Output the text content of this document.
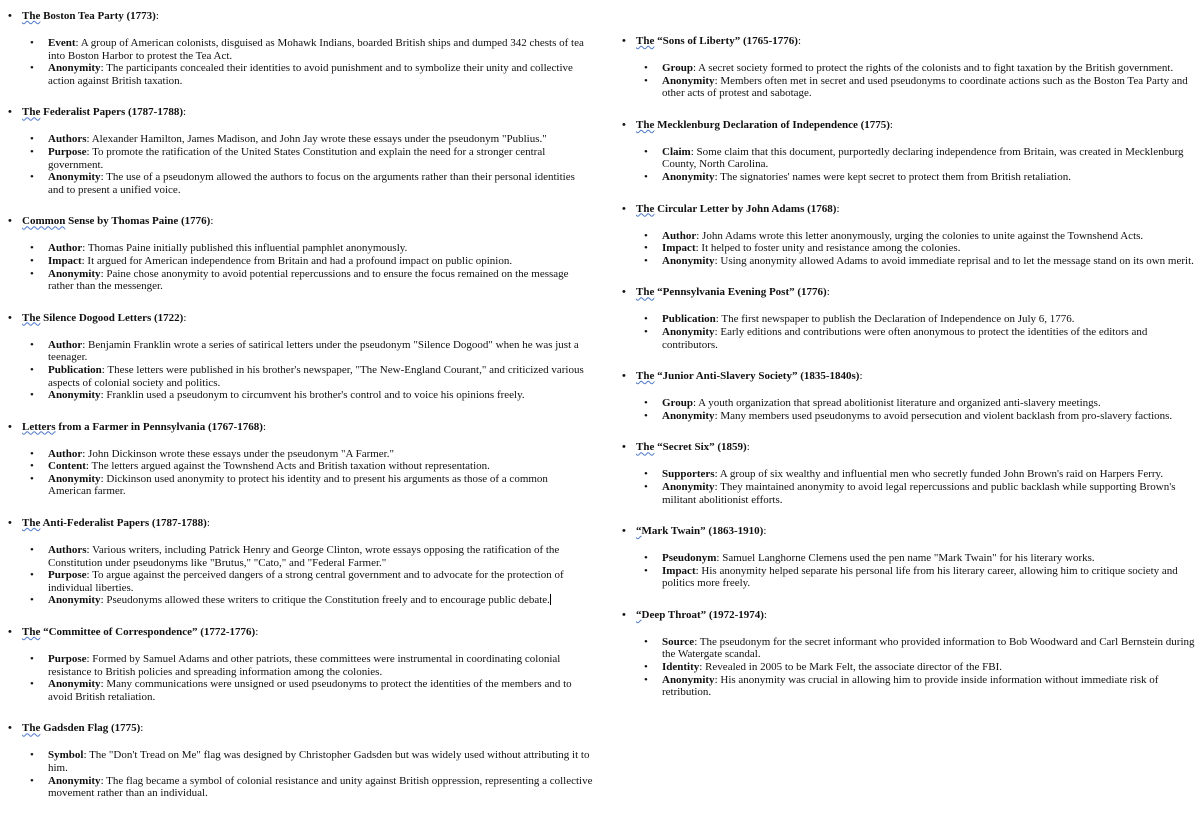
• The Boston Tea Party (1773):
• Event: A group of American colonists, disguised as Mohawk Indians, boarded British ships and dumped 342 chests of tea into Boston Harbor to protest the Tea Act.
• Anonymity: The participants concealed their identities to avoid punishment and to symbolize their unity and collective action against British taxation.
• The Federalist Papers (1787-1788):
• Authors: Alexander Hamilton, James Madison, and John Jay wrote these essays under the pseudonym "Publius."
• Purpose: To promote the ratification of the United States Constitution and explain the need for a stronger central government.
• Anonymity: The use of a pseudonym allowed the authors to focus on the arguments rather than their personal identities and to present a unified voice.
• Common Sense by Thomas Paine (1776):
• Author: Thomas Paine initially published this influential pamphlet anonymously.
• Impact: It argued for American independence from Britain and had a profound impact on public opinion.
• Anonymity: Paine chose anonymity to avoid potential repercussions and to ensure the focus remained on the message rather than the messenger.
• The Silence Dogood Letters (1722):
• Author: Benjamin Franklin wrote a series of satirical letters under the pseudonym "Silence Dogood" when he was just a teenager.
• Publication: These letters were published in his brother's newspaper, "The New-England Courant," and criticized various aspects of colonial society and politics.
• Anonymity: Franklin used a pseudonym to circumvent his brother's control and to voice his opinions freely.
• Letters from a Farmer in Pennsylvania (1767-1768):
• Author: John Dickinson wrote these essays under the pseudonym "A Farmer."
• Content: The letters argued against the Townshend Acts and British taxation without representation.
• Anonymity: Dickinson used anonymity to protect his identity and to present his arguments as those of a common American farmer.
• The Anti-Federalist Papers (1787-1788):
• Authors: Various writers, including Patrick Henry and George Clinton, wrote essays opposing the ratification of the Constitution under pseudonyms like "Brutus," "Cato," and "Federal Farmer."
• Purpose: To argue against the perceived dangers of a strong central government and to advocate for the protection of individual liberties.
• Anonymity: Pseudonyms allowed these writers to critique the Constitution freely and to encourage public debate.
• The “Committee of Correspondence” (1772-1776):
• Purpose: Formed by Samuel Adams and other patriots, these committees were instrumental in coordinating colonial resistance to British policies and spreading information among the colonies.
• Anonymity: Many communications were unsigned or used pseudonyms to protect the identities of the members and to avoid British retaliation.
• The Gadsden Flag (1775):
• Symbol: The "Don't Tread on Me" flag was designed by Christopher Gadsden but was widely used without attributing it to him.
• Anonymity: The flag became a symbol of colonial resistance and unity against British oppression, representing a collective movement rather than an individual.
• The “Sons of Liberty” (1765-1776):
• Group: A secret society formed to protect the rights of the colonists and to fight taxation by the British government.
• Anonymity: Members often met in secret and used pseudonyms to coordinate actions such as the Boston Tea Party and other acts of protest and sabotage.
• The Mecklenburg Declaration of Independence (1775):
• Claim: Some claim that this document, purportedly declaring independence from Britain, was created in Mecklenburg County, North Carolina.
• Anonymity: The signatories' names were kept secret to protect them from British retaliation.
• The Circular Letter by John Adams (1768):
• Author: John Adams wrote this letter anonymously, urging the colonies to unite against the Townshend Acts.
• Impact: It helped to foster unity and resistance among the colonies.
• Anonymity: Using anonymity allowed Adams to avoid immediate reprisal and to let the message stand on its own merit.
• The “Pennsylvania Evening Post” (1776):
• Publication: The first newspaper to publish the Declaration of Independence on July 6, 1776.
• Anonymity: Early editions and contributions were often anonymous to protect the identities of the editors and contributors.
• The “Junior Anti-Slavery Society” (1835-1840s):
• Group: A youth organization that spread abolitionist literature and organized anti-slavery meetings.
• Anonymity: Many members used pseudonyms to avoid persecution and violent backlash from pro-slavery factions.
• The “Secret Six” (1859):
• Supporters: A group of six wealthy and influential men who secretly funded John Brown's raid on Harpers Ferry.
• Anonymity: They maintained anonymity to avoid legal repercussions and public backlash while supporting Brown's militant abolitionist efforts.
• “Mark Twain” (1863-1910):
• Pseudonym: Samuel Langhorne Clemens used the pen name "Mark Twain" for his literary works.
• Impact: His anonymity helped separate his personal life from his literary career, allowing him to critique society and politics more freely.
• “Deep Throat” (1972-1974):
• Source: The pseudonym for the secret informant who provided information to Bob Woodward and Carl Bernstein during the Watergate scandal.
• Identity: Revealed in 2005 to be Mark Felt, the associate director of the FBI.
• Anonymity: His anonymity was crucial in allowing him to provide inside information without immediate risk of retribution.
